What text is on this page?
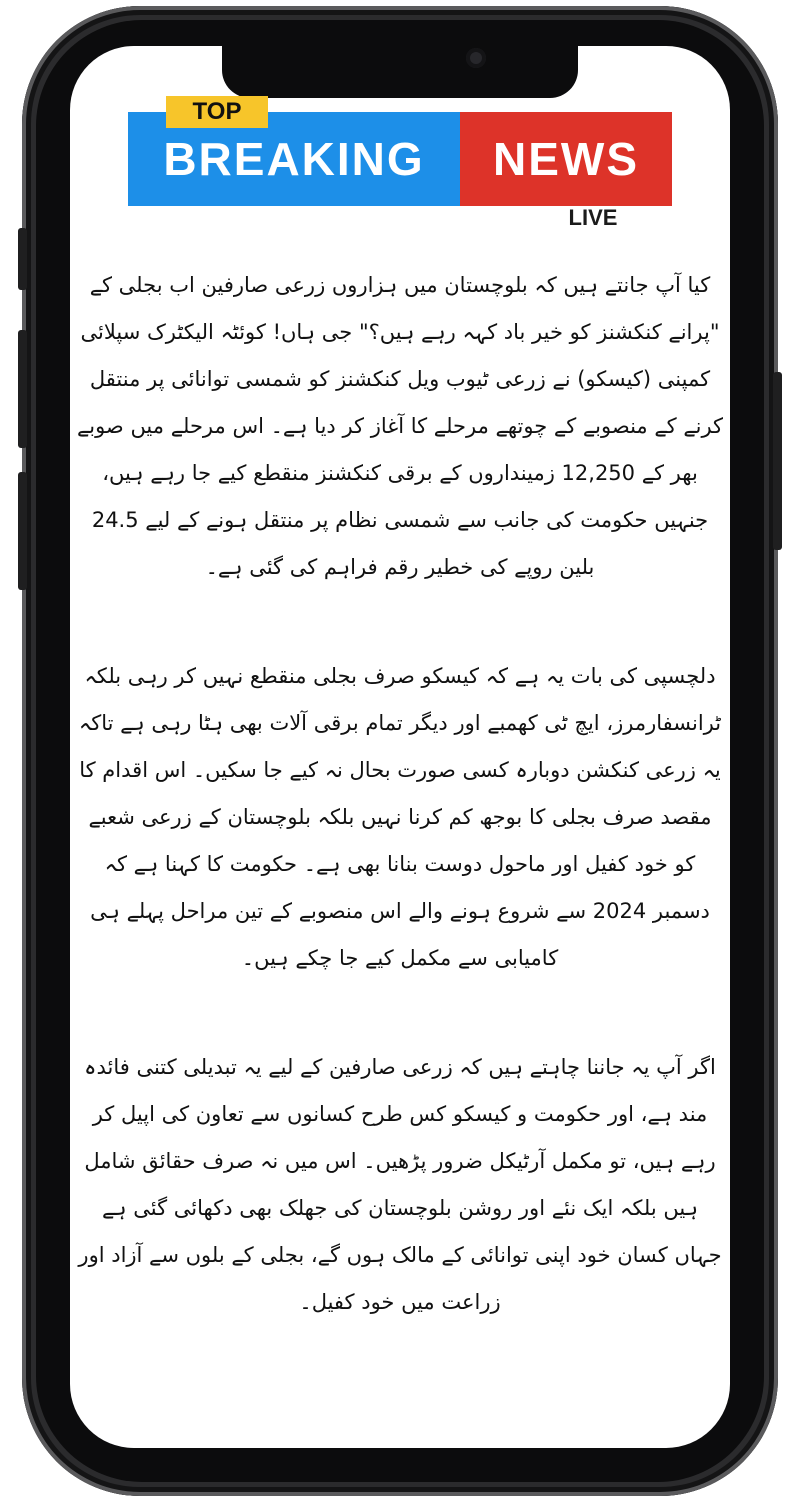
BREAKING	NEWS
TOP
LIVE

کیا آپ جانتے ہیں کہ بلوچستان میں ہزاروں زرعی صارفین اب بجلی کے "پرانے کنکشنز کو خیر باد کہہ رہے ہیں؟" جی ہاں! کوئٹہ الیکٹرک سپلائی کمپنی (کیسکو) نے زرعی ٹیوب ویل کنکشنز کو شمسی توانائی پر منتقل کرنے کے منصوبے کے چوتھے مرحلے کا آغاز کر دیا ہے۔ اس مرحلے میں صوبے بھر کے 12,250 زمینداروں کے برقی کنکشنز منقطع کیے جا رہے ہیں، جنہیں حکومت کی جانب سے شمسی نظام پر منتقل ہونے کے لیے 24.5 بلین روپے کی خطیر رقم فراہم کی گئی ہے۔

دلچسپی کی بات یہ ہے کہ کیسکو صرف بجلی منقطع نہیں کر رہی بلکہ ٹرانسفارمرز، ایچ ٹی کھمبے اور دیگر تمام برقی آلات بھی ہٹا رہی ہے تاکہ یہ زرعی کنکشن دوبارہ کسی صورت بحال نہ کیے جا سکیں۔ اس اقدام کا مقصد صرف بجلی کا بوجھ کم کرنا نہیں بلکہ بلوچستان کے زرعی شعبے کو خود کفیل اور ماحول دوست بنانا بھی ہے۔ حکومت کا کہنا ہے کہ دسمبر 2024 سے شروع ہونے والے اس منصوبے کے تین مراحل پہلے ہی کامیابی سے مکمل کیے جا چکے ہیں۔

اگر آپ یہ جاننا چاہتے ہیں کہ زرعی صارفین کے لیے یہ تبدیلی کتنی فائدہ مند ہے، اور حکومت و کیسکو کس طرح کسانوں سے تعاون کی اپیل کر رہے ہیں، تو مکمل آرٹیکل ضرور پڑھیں۔ اس میں نہ صرف حقائق شامل ہیں بلکہ ایک نئے اور روشن بلوچستان کی جھلک بھی دکھائی گئی ہے جہاں کسان خود اپنی توانائی کے مالک ہوں گے، بجلی کے بلوں سے آزاد اور زراعت میں خود کفیل۔
